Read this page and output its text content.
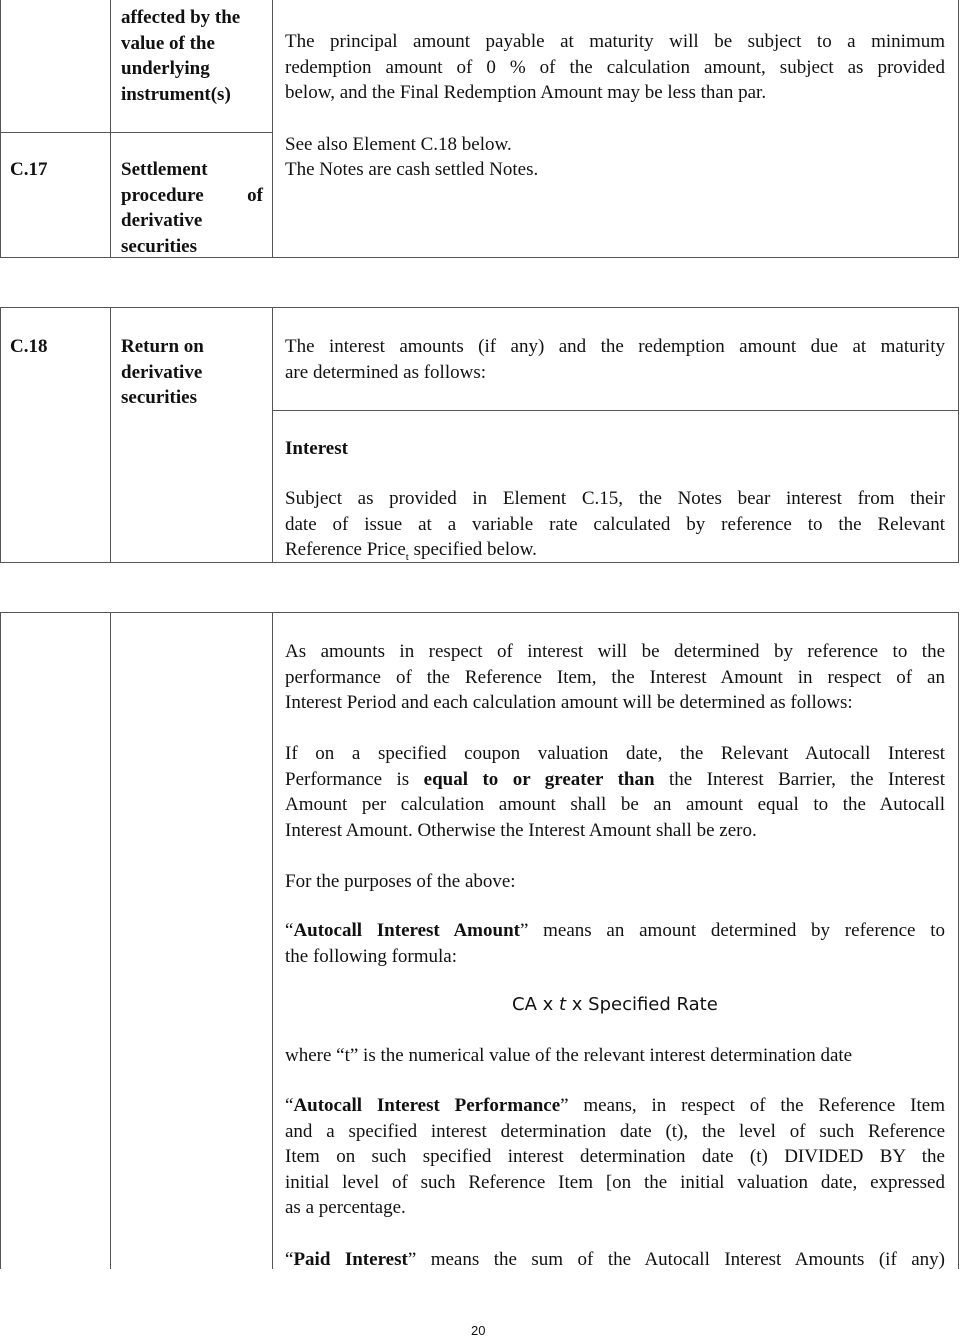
affected by the
value of the
underlying
instrument(s)
The principal amount payable at maturity will be subject to a minimum
redemption amount of 0 % of the calculation amount, subject as provided
below, and the Final Redemption Amount may be less than par.
See also Element C.18 below.
C.17	Settlement
procedure of
derivative
securities
The Notes are cash settled Notes.
C.18	Return on
derivative
securities
The interest amounts (if any) and the redemption amount due at maturity
are determined as follows:
Interest
Subject as provided in Element C.15, the Notes bear interest from their
date of issue at a variable rate calculated by reference to the Relevant
Reference Price$_t$ specified below.
As amounts in respect of interest will be determined by reference to the
performance of the Reference Item, the Interest Amount in respect of an
Interest Period and each calculation amount will be determined as follows:
If on a specified coupon valuation date, the Relevant Autocall Interest
Performance is equal to or greater than the Interest Barrier, the Interest
Amount per calculation amount shall be an amount equal to the Autocall
Interest Amount. Otherwise the Interest Amount shall be zero.
For the purposes of the above:
“Autocall Interest Amount” means an amount determined by reference to
the following formula:
CA x t x Specified Rate
where “t” is the numerical value of the relevant interest determination date
“Autocall Interest Performance” means, in respect of the Reference Item
and a specified interest determination date (t), the level of such Reference
Item on such specified interest determination date (t) DIVIDED BY the
initial level of such Reference Item [on the initial valuation date, expressed
as a percentage.
“Paid Interest” means the sum of the Autocall Interest Amounts (if any)
20
